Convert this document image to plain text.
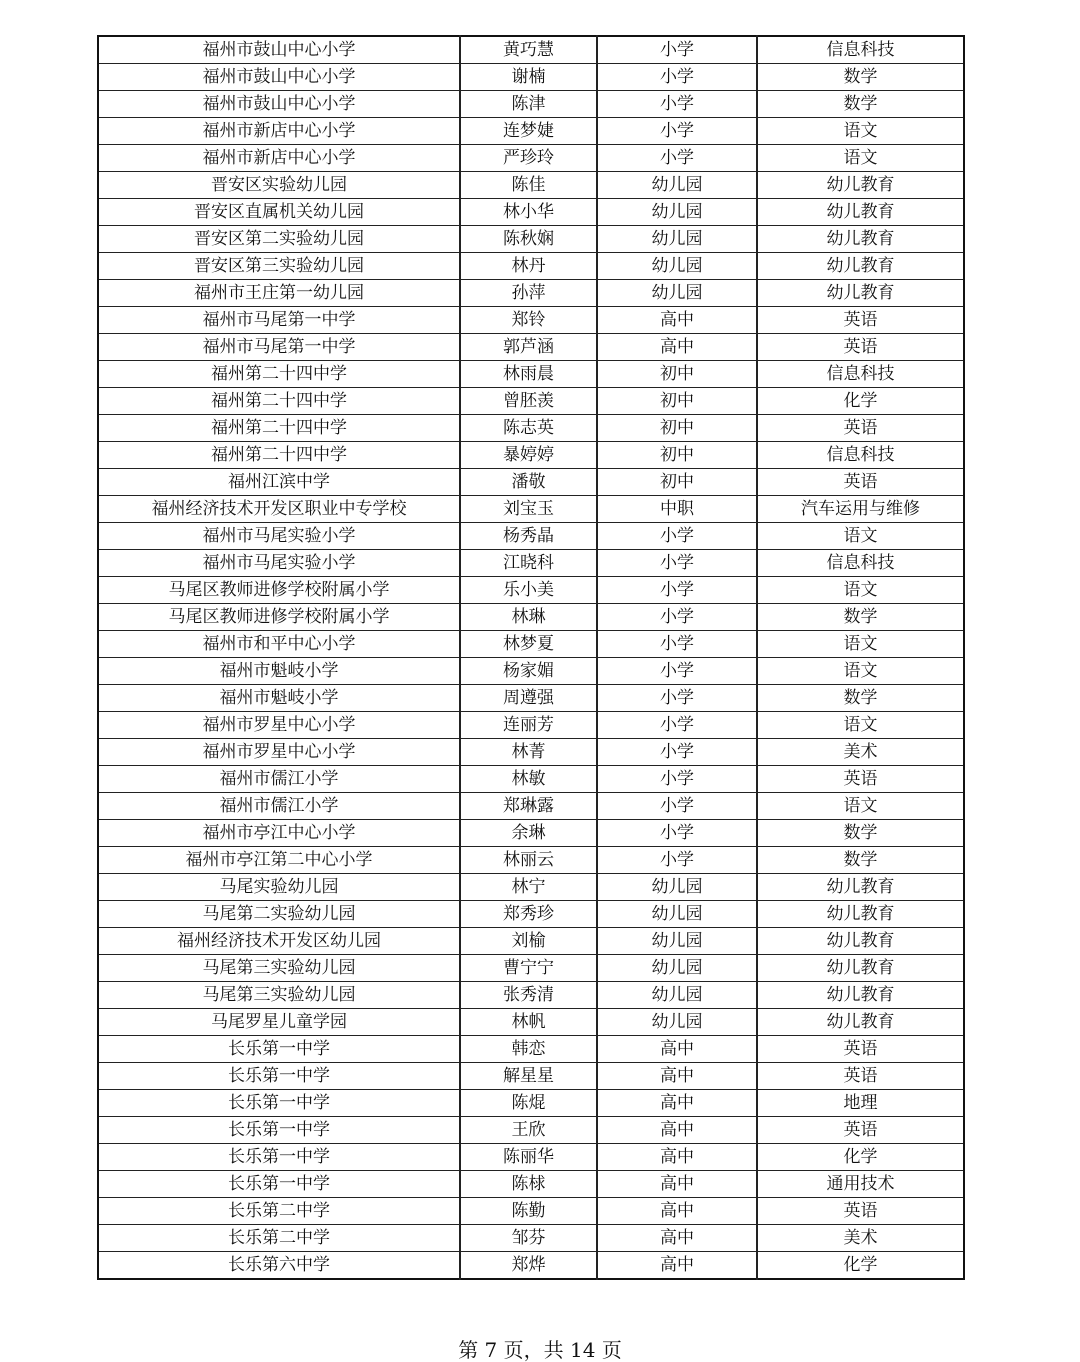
福州市鼓山中心小学	黄巧慧	小学	信息科技
福州市鼓山中心小学	谢楠	小学	数学
福州市鼓山中心小学	陈津	小学	数学
福州市新店中心小学	连梦婕	小学	语文
福州市新店中心小学	严珍玲	小学	语文
晋安区实验幼儿园	陈佳	幼儿园	幼儿教育
晋安区直属机关幼儿园	林小华	幼儿园	幼儿教育
晋安区第二实验幼儿园	陈秋娴	幼儿园	幼儿教育
晋安区第三实验幼儿园	林丹	幼儿园	幼儿教育
福州市王庄第一幼儿园	孙萍	幼儿园	幼儿教育
福州市马尾第一中学	郑铃	高中	英语
福州市马尾第一中学	郭芦涵	高中	英语
福州第二十四中学	林雨晨	初中	信息科技
福州第二十四中学	曾胚羡	初中	化学
福州第二十四中学	陈志英	初中	英语
福州第二十四中学	暴婷婷	初中	信息科技
福州江滨中学	潘敬	初中	英语
福州经济技术开发区职业中专学校	刘宝玉	中职	汽车运用与维修
福州市马尾实验小学	杨秀晶	小学	语文
福州市马尾实验小学	江晓科	小学	信息科技
马尾区教师进修学校附属小学	乐小美	小学	语文
马尾区教师进修学校附属小学	林琳	小学	数学
福州市和平中心小学	林梦夏	小学	语文
福州市魁岐小学	杨家媚	小学	语文
福州市魁岐小学	周遵强	小学	数学
福州市罗星中心小学	连丽芳	小学	语文
福州市罗星中心小学	林菁	小学	美术
福州市儒江小学	林敏	小学	英语
福州市儒江小学	郑琳露	小学	语文
福州市亭江中心小学	余琳	小学	数学
福州市亭江第二中心小学	林丽云	小学	数学
马尾实验幼儿园	林宁	幼儿园	幼儿教育
马尾第二实验幼儿园	郑秀珍	幼儿园	幼儿教育
福州经济技术开发区幼儿园	刘榆	幼儿园	幼儿教育
马尾第三实验幼儿园	曹宁宁	幼儿园	幼儿教育
马尾第三实验幼儿园	张秀清	幼儿园	幼儿教育
马尾罗星儿童学园	林帆	幼儿园	幼儿教育
长乐第一中学	韩恋	高中	英语
长乐第一中学	解星星	高中	英语
长乐第一中学	陈焜	高中	地理
长乐第一中学	王欣	高中	英语
长乐第一中学	陈丽华	高中	化学
长乐第一中学	陈梂	高中	通用技术
长乐第二中学	陈勤	高中	英语
长乐第二中学	邹芬	高中	美术
长乐第六中学	郑烨	高中	化学
第 7 页，共 14 页
